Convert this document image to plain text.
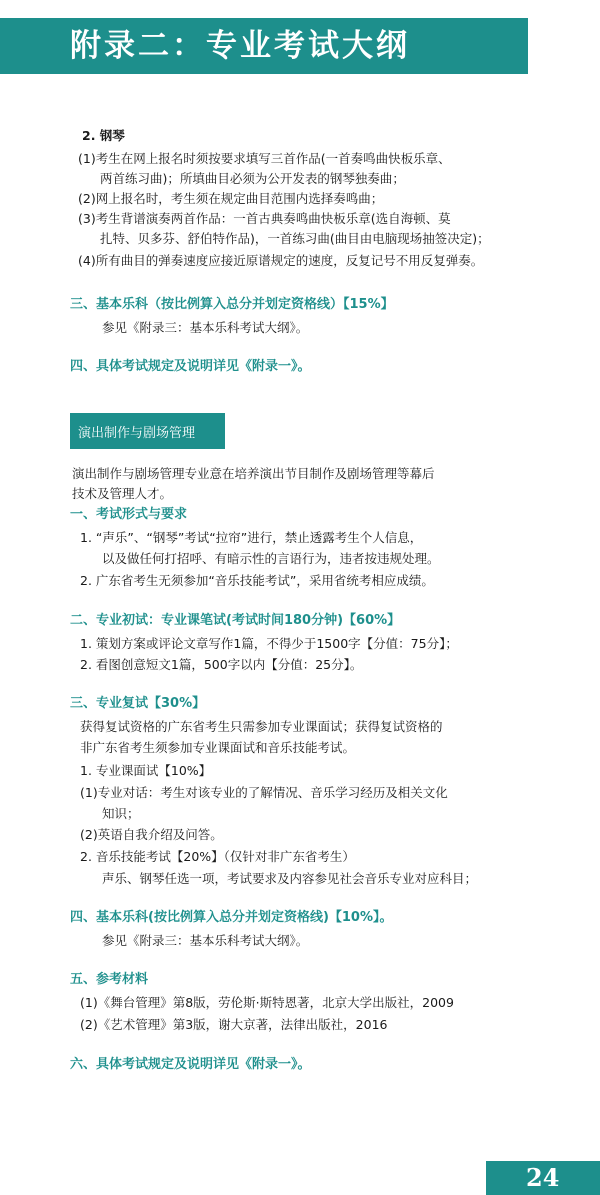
附录二：专业考试大纲
2. 钢琴
(1)考生在网上报名时须按要求填写三首作品(一首奏鸣曲快板乐章、
两首练习曲)；所填曲目必须为公开发表的钢琴独奏曲；
(2)网上报名时，考生须在规定曲目范围内选择奏鸣曲；
(3)考生背谱演奏两首作品：一首古典奏鸣曲快板乐章(选自海顿、莫
扎特、贝多芬、舒伯特作品)，一首练习曲(曲目由电脑现场抽签决定)；
(4)所有曲目的弹奏速度应接近原谱规定的速度，反复记号不用反复弹奏。
三、基本乐科（按比例算入总分并划定资格线）【15%】
参见《附录三：基本乐科考试大纲》。
四、具体考试规定及说明详见《附录一》。
演出制作与剧场管理
演出制作与剧场管理专业意在培养演出节目制作及剧场管理等幕后
技术及管理人才。
一、考试形式与要求
1. “声乐”、“钢琴”考试“拉帘”进行，禁止透露考生个人信息，
以及做任何打招呼、有暗示性的言语行为，违者按违规处理。
2. 广东省考生无须参加“音乐技能考试”，采用省统考相应成绩。
二、专业初试：专业课笔试(考试时间180分钟)【60%】
1. 策划方案或评论文章写作1篇，不得少于1500字【分值：75分】；
2. 看图创意短文1篇，500字以内【分值：25分】。
三、专业复试【30%】
获得复试资格的广东省考生只需参加专业课面试；获得复试资格的
非广东省考生须参加专业课面试和音乐技能考试。
1. 专业课面试【10%】
(1)专业对话：考生对该专业的了解情况、音乐学习经历及相关文化
知识；
(2)英语自我介绍及问答。
2. 音乐技能考试【20%】（仅针对非广东省考生）
声乐、钢琴任选一项，考试要求及内容参见社会音乐专业对应科目；
四、基本乐科(按比例算入总分并划定资格线)【10%】。
参见《附录三：基本乐科考试大纲》。
五、参考材料
(1)《舞台管理》第8版，劳伦斯·斯特恩著，北京大学出版社，2009
(2)《艺术管理》第3版，谢大京著，法律出版社，2016
六、具体考试规定及说明详见《附录一》。
24
